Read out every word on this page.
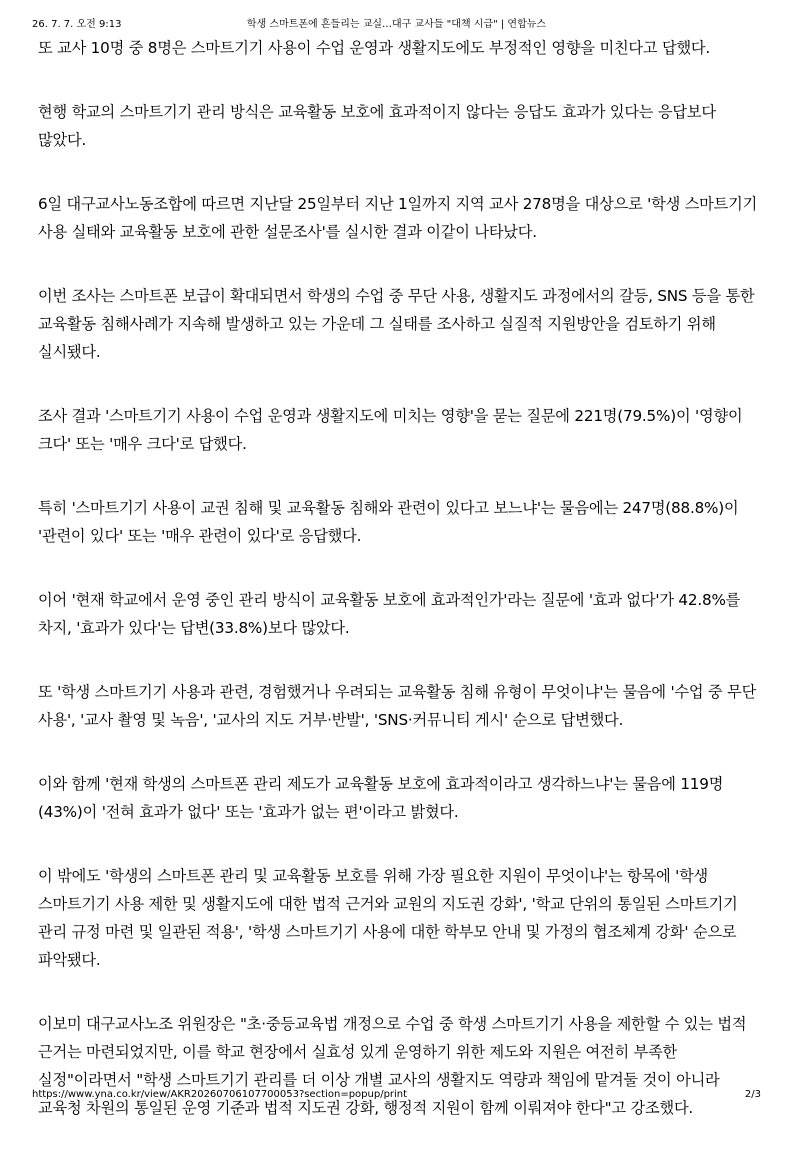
26. 7. 7. 오전 9:13	학생 스마트폰에 흔들리는 교실…대구 교사들 "대책 시급" | 연합뉴스

또 교사 10명 중 8명은 스마트기기 사용이 수업 운영과 생활지도에도 부정적인 영향을 미친다고 답했다.

현행 학교의 스마트기기 관리 방식은 교육활동 보호에 효과적이지 않다는 응답도 효과가 있다는 응답보다 많았다.

6일 대구교사노동조합에 따르면 지난달 25일부터 지난 1일까지 지역 교사 278명을 대상으로 '학생 스마트기기 사용 실태와 교육활동 보호에 관한 설문조사'를 실시한 결과 이같이 나타났다.

이번 조사는 스마트폰 보급이 확대되면서 학생의 수업 중 무단 사용, 생활지도 과정에서의 갈등, SNS 등을 통한 교육활동 침해사례가 지속해 발생하고 있는 가운데 그 실태를 조사하고 실질적 지원방안을 검토하기 위해 실시됐다.

조사 결과 '스마트기기 사용이 수업 운영과 생활지도에 미치는 영향'을 묻는 질문에 221명(79.5%)이 '영향이 크다' 또는 '매우 크다'로 답했다.

특히 '스마트기기 사용이 교권 침해 및 교육활동 침해와 관련이 있다고 보느냐'는 물음에는 247명(88.8%)이 '관련이 있다' 또는 '매우 관련이 있다'로 응답했다.

이어 '현재 학교에서 운영 중인 관리 방식이 교육활동 보호에 효과적인가'라는 질문에 '효과 없다'가 42.8%를 차지, '효과가 있다'는 답변(33.8%)보다 많았다.

또 '학생 스마트기기 사용과 관련, 경험했거나 우려되는 교육활동 침해 유형이 무엇이냐'는 물음에 '수업 중 무단 사용', '교사 촬영 및 녹음', '교사의 지도 거부·반발', 'SNS·커뮤니티 게시' 순으로 답변했다.

이와 함께 '현재 학생의 스마트폰 관리 제도가 교육활동 보호에 효과적이라고 생각하느냐'는 물음에 119명(43%)이 '전혀 효과가 없다' 또는 '효과가 없는 편'이라고 밝혔다.

이 밖에도 '학생의 스마트폰 관리 및 교육활동 보호를 위해 가장 필요한 지원이 무엇이냐'는 항목에 '학생 스마트기기 사용 제한 및 생활지도에 대한 법적 근거와 교원의 지도권 강화', '학교 단위의 통일된 스마트기기 관리 규정 마련 및 일관된 적용', '학생 스마트기기 사용에 대한 학부모 안내 및 가정의 협조체계 강화' 순으로 파악됐다.

이보미 대구교사노조 위원장은 "초·중등교육법 개정으로 수업 중 학생 스마트기기 사용을 제한할 수 있는 법적 근거는 마련되었지만, 이를 학교 현장에서 실효성 있게 운영하기 위한 제도와 지원은 여전히 부족한 실정"이라면서 "학생 스마트기기 관리를 더 이상 개별 교사의 생활지도 역량과 책임에 맡겨둘 것이 아니라 교육청 차원의 통일된 운영 기준과 법적 지도권 강화, 행정적 지원이 함께 이뤄져야 한다"고 강조했다.

https://www.yna.co.kr/view/AKR20260706107700053?section=popup/print	2/3
